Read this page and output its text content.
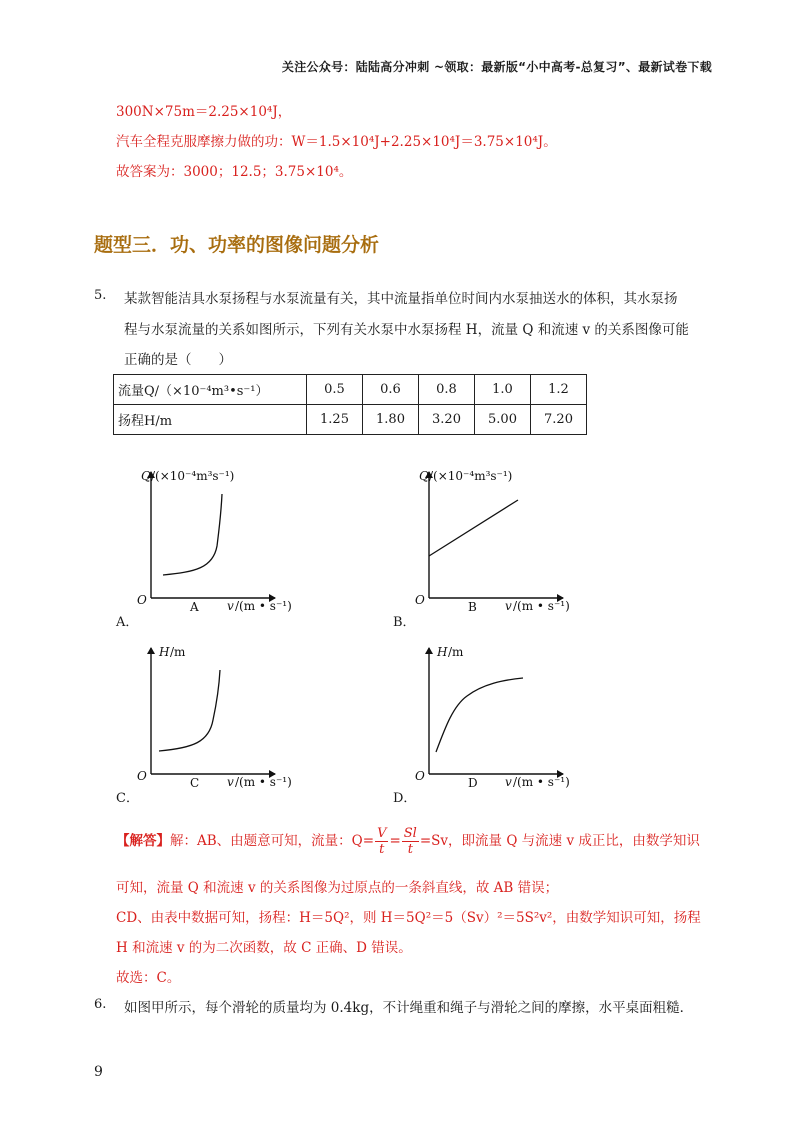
关注公众号：陆陆高分冲刺 ~领取：最新版“小中高考-总复习”、最新试卷下载
300N×75m＝2.25×10⁴J，
汽车全程克服摩擦力做的功：W＝1.5×10⁴J+2.25×10⁴J＝3.75×10⁴J。
故答案为：3000；12.5；3.75×10⁴。
题型三．功、功率的图像问题分析
5. 某款智能洁具水泵扬程与水泵流量有关，其中流量指单位时间内水泵抽送水的体积，其水泵扬
程与水泵流量的关系如图所示，下列有关水泵中水泵扬程 H，流量 Q 和流速 v 的关系图像可能
正确的是（　　）
流量Q/（×10⁻⁴m³•s⁻¹）	0.5	0.6	0.8	1.0	1.2
扬程H/m	1.25	1.80	3.20	5.00	7.20
Q /(×10⁻⁴m³s⁻¹)
O	A v /(m • s⁻¹)
A．
Q /(×10⁻⁴m³s⁻¹)
O	B v /(m • s⁻¹)
B．
H /m
O	C v /(m • s⁻¹)
C．
H /m
O	D v /(m • s⁻¹)
D．
【解答】解：AB、由题意可知，流量：$Q= \frac{V}{t} = \frac{Sl}{t} =Sv$，即流量 Q 与流速 v 成正比，由数学知识
可知，流量 Q 和流速 v 的关系图像为过原点的一条斜直线，故 AB 错误；
CD、由表中数据可知，扬程：H＝5Q²，则 H＝5Q²＝5（Sv）²＝5S²v²，由数学知识可知，扬程
H 和流速 v 的为二次函数，故 C 正确、D 错误。
故选：C。
6. 如图甲所示，每个滑轮的质量均为 0.4kg，不计绳重和绳子与滑轮之间的摩擦，水平桌面粗糙．
9
